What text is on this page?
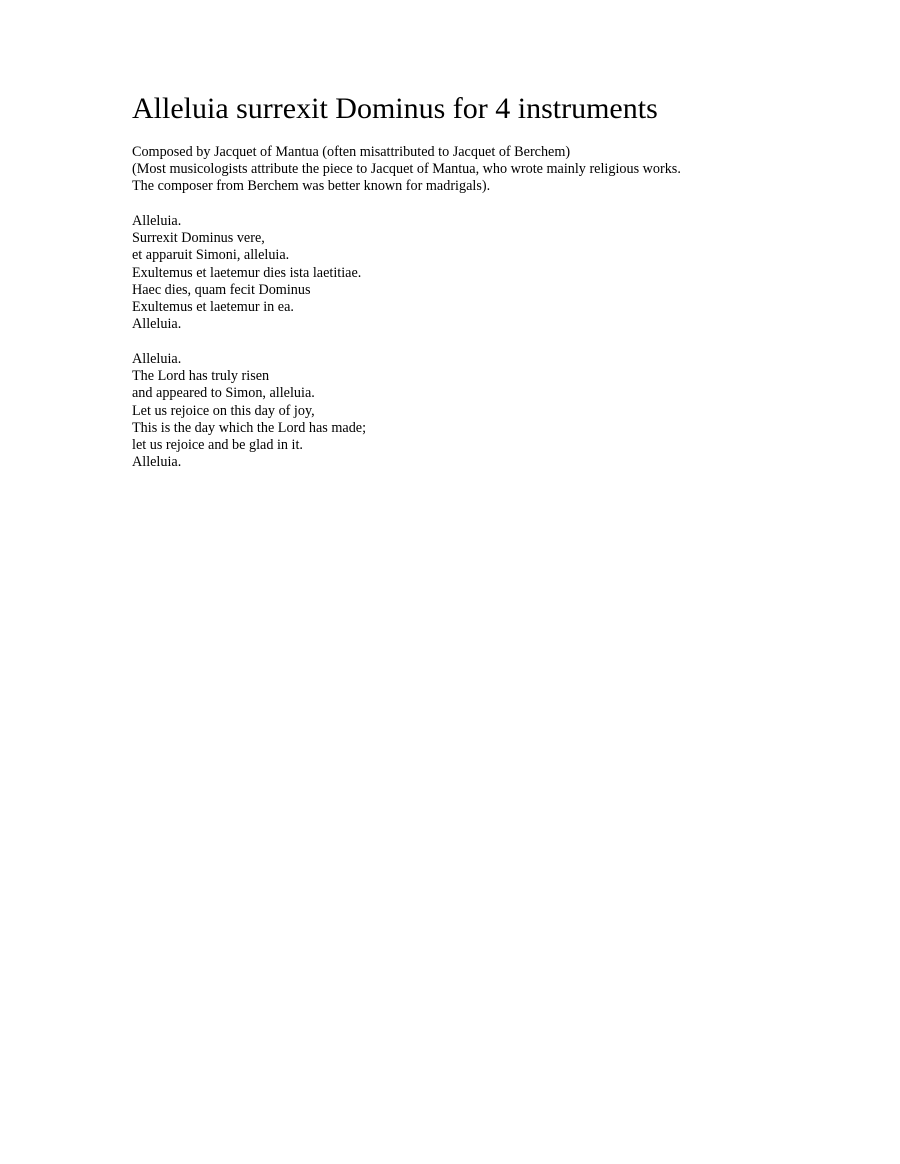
Alleluia surrexit Dominus for 4 instruments
Composed by Jacquet of Mantua (often misattributed to Jacquet of Berchem)
(Most musicologists attribute the piece to Jacquet of Mantua, who wrote mainly religious works.
The composer from Berchem was better known for madrigals).
Alleluia.
Surrexit Dominus vere,
et apparuit Simoni, alleluia.
Exultemus et laetemur dies ista laetitiae.
Haec dies, quam fecit Dominus
Exultemus et laetemur in ea.
Alleluia.
Alleluia.
The Lord has truly risen
and appeared to Simon, alleluia.
Let us rejoice on this day of joy,
This is the day which the Lord has made;
let us rejoice and be glad in it.
Alleluia.
